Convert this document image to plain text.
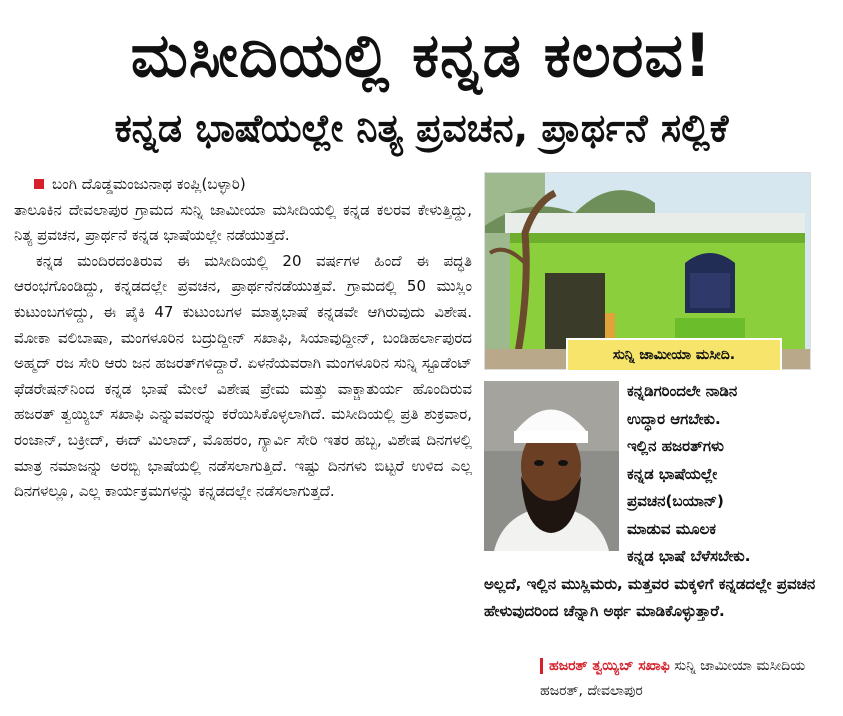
ಮಸೀದಿಯಲ್ಲಿ ಕನ್ನಡ ಕಲರವ!
ಕನ್ನಡ ಭಾಷೆಯಲ್ಲೇ ನಿತ್ಯ ಪ್ರವಚನ, ಪ್ರಾರ್ಥನೆ ಸಲ್ಲಿಕೆ

ಬಂಗಿ ದೊಡ್ಡಮಂಜುನಾಥ ಕಂಪ್ಲಿ(ಬಳ್ಳಾರಿ)

ತಾಲೂಕಿನ ದೇವಲಾಪುರ ಗ್ರಾಮದ ಸುನ್ನಿ ಜಾಮೀಯಾ ಮಸೀದಿಯಲ್ಲಿ ಕನ್ನಡ ಕಲರವ ಕೇಳುತ್ತಿದ್ದು, ನಿತ್ಯ ಪ್ರವಚನ, ಪ್ರಾರ್ಥನೆ ಕನ್ನಡ ಭಾಷೆಯಲ್ಲೇ ನಡೆಯುತ್ತದೆ.

ಕನ್ನಡ ಮಂದಿರದಂತಿರುವ ಈ ಮಸೀದಿಯಲ್ಲಿ 20 ವರ್ಷಗಳ ಹಿಂದೆ ಈ ಪದ್ಧತಿ ಆರಂಭಗೊಂಡಿದ್ದು, ಕನ್ನಡದಲ್ಲೇ ಪ್ರವಚನ, ಪ್ರಾರ್ಥನೆನಡೆಯುತ್ತವೆ. ಗ್ರಾಮದಲ್ಲಿ 50 ಮುಸ್ಲಿಂ ಕುಟುಂಬಗಳಿದ್ದು, ಈ ಪೈಕಿ 47 ಕುಟುಂಬಗಳ ಮಾತೃಭಾಷೆ ಕನ್ನಡವೇ ಆಗಿರುವುದು ವಿಶೇಷ. ಮೋಕಾ ವಲಿಬಾಷಾ, ಮಂಗಳೂರಿನ ಬದ್ರುದ್ದೀನ್ ಸಖಾಫಿ, ಸಿಯಾವುದ್ದೀನ್, ಬಂಡಿಹರ್ಲಾಪುರದ ಅಹ್ಮದ್ ರಜ ಸೇರಿ ಆರು ಜನ ಹಜರತ್‌ಗಳಿದ್ದಾರೆ. ಏಳನೆಯವರಾಗಿ ಮಂಗಳೂರಿನ ಸುನ್ನಿ ಸ್ಟೂಡೆಂಟ್ ಫೆಡರೇಷನ್‌ನಿಂದ ಕನ್ನಡ ಭಾಷೆ ಮೇಲೆ ವಿಶೇಷ ಪ್ರೇಮ ಮತ್ತು ವಾಕ್ಚಾತುರ್ಯ ಹೊಂದಿರುವ ಹಜರತ್ ತ್ವಯ್ಯಿಬ್ ಸಖಾಫಿ ಎನ್ನುವವರನ್ನು ಕರೆಯಿಸಿಕೊಳ್ಳಲಾಗಿದೆ. ಮಸೀದಿಯಲ್ಲಿ ಪ್ರತಿ ಶುಕ್ರವಾರ, ರಂಜಾನ್, ಬಕ್ರೀದ್, ಈದ್ ಮಿಲಾದ್, ಮೊಹರಂ, ಗ್ಯಾರ್ವಿ ಸೇರಿ ಇತರ ಹಬ್ಬ, ವಿಶೇಷ ದಿನಗಳಲ್ಲಿ ಮಾತ್ರ ನಮಾಜನ್ನು ಅರಬ್ಬಿ ಭಾಷೆಯಲ್ಲಿ ನಡೆಸಲಾಗುತ್ತಿದೆ. ಇಷ್ಟು ದಿನಗಳು ಬಿಟ್ಟರೆ ಉಳಿದ ಎಲ್ಲ ದಿನಗಳಲ್ಲೂ, ಎಲ್ಲ ಕಾರ್ಯಕ್ರಮಗಳನ್ನು ಕನ್ನಡದಲ್ಲೇ ನಡೆಸಲಾಗುತ್ತದೆ.

ಸುನ್ನಿ ಜಾಮೀಯಾ ಮಸೀದಿ.
ಕನ್ನಡಿಗರಿಂದಲೇ ನಾಡಿನ
ಉದ್ಧಾರ ಆಗಬೇಕು.
ಇಲ್ಲಿನ ಹಜರತ್‌ಗಳು
ಕನ್ನಡ ಭಾಷೆಯಲ್ಲೇ
ಪ್ರವಚನ(ಬಯಾನ್)
ಮಾಡುವ ಮೂಲಕ
ಕನ್ನಡ ಭಾಷೆ ಬೆಳೆಸಬೇಕು.
ಅಲ್ಲದೆ, ಇಲ್ಲಿನ ಮುಸ್ಲಿಮರು, ಮತ್ತವರ ಮಕ್ಕಳಿಗೆ ಕನ್ನಡದಲ್ಲೇ ಪ್ರವಚನ ಹೇಳುವುದರಿಂದ ಚೆನ್ನಾಗಿ ಅರ್ಥ ಮಾಡಿಕೊಳ್ಳುತ್ತಾರೆ.
ಹಜರತ್ ತ್ವಯ್ಯಿಬ್ ಸಖಾಫಿ ಸುನ್ನಿ ಜಾಮೀಯಾ ಮಸೀದಿಯ ಹಜರತ್, ದೇವಲಾಪುರ
